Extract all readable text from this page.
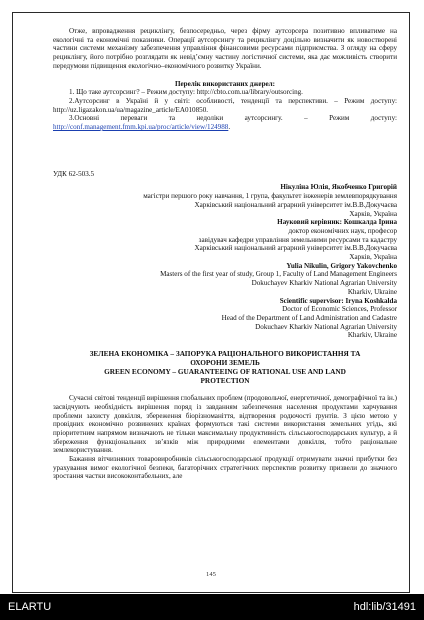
Отже, впровадження рециклінгу, безпосередньо, через фірму аутсорсера позитивно впливатиме на екологічні та економічні показники. Операції аутсорсингу та рециклінгу доцільно визначити як новостворені частини системи механізму забезпечення управління фінансовими ресурсами підприємства. З огляду на сферу рециклінгу, його потрібно розглядати як невід’ємну частину логістичної системи, яка дає можливість створити передумови підвищення екологічно–економічного розвитку України.

Перелік використаних джерел:

1. Що таке аутсорсинг? – Режим доступу: http://cbto.com.ua/library/outsorcing.

2.Аутсорсинг в Україні й у світі: особливості, тенденції та перспективи. – Режим доступу: http://uz.ligazakon.ua/ua/magazine_article/EA010850.

3.Основні переваги та недоліки аутсорсингу. – Режим доступу: http://conf.management.fmm.kpi.ua/proc/article/view/124988.

УДК 62-503.5

Нікуліна Юлія, Якобченко Григорій

магістри першого року навчання, 1 група, факультет інженерів землевпорядкування

Харківський національний аграрний університет ім.В.В.Докучаєва

Харків, Україна

Науковий керівник: Кошкалда Ірина

доктор економічних наук, професор

завідувач кафедри управління земельними ресурсами та кадастру

Харківський національний аграрний університет ім.В.В.Докучаєва

Харків, Україна

Yulia Nikulin, Grigory Yakovchenko

Masters of the first year of study, Group 1, Faculty of Land Management Engineers

Dokuchayev Kharkiv National Agrarian University

Kharkiv, Ukraine

Scientific supervisor: Iryna Koshkalda

Doctor of Economic Sciences, Professor

Head of the Department of Land Administration and Cadastre

Dokuchaev Kharkiv National Agrarian University

Kharkiv, Ukraine

ЗЕЛЕНА ЕКОНОМІКА – ЗАПОРУКА РАЦІОНАЛЬНОГО ВИКОРИСТАННЯ ТА

ОХОРОНИ ЗЕМЕЛЬ

GREEN ECONOMY – GUARANTEEING OF RATIONAL USE AND LAND

PROTECTION

Сучасні світові тенденції вирішення глобальних проблем (продовольчої, енергетичної, демографічної та ін.) засвідчують необхідність вирішення поряд із завданням забезпечення населення продуктами харчування проблеми захисту довкілля, збереження біорізноманіття, відтворення родючості ґрунтів. З цією метою у провідних економічно розвинених країнах формуються такі системи використання земельних угідь, які пріоритетним напрямом визначають не тільки максимальну продуктивність сільськогосподарських культур, а й збереження функціональних зв’язків між природними елементами довкілля, тобто раціональне землекористування.

Бажання вітчизняних товаровиробників сільськогосподарської продукції отримувати значні прибутки без урахування вимог екологічної безпеки, багаторічних стратегічних перспектив розвитку призвели до значного зростання частки висококонтабельних, але

145
ELARTU	hdl:lib/31491
